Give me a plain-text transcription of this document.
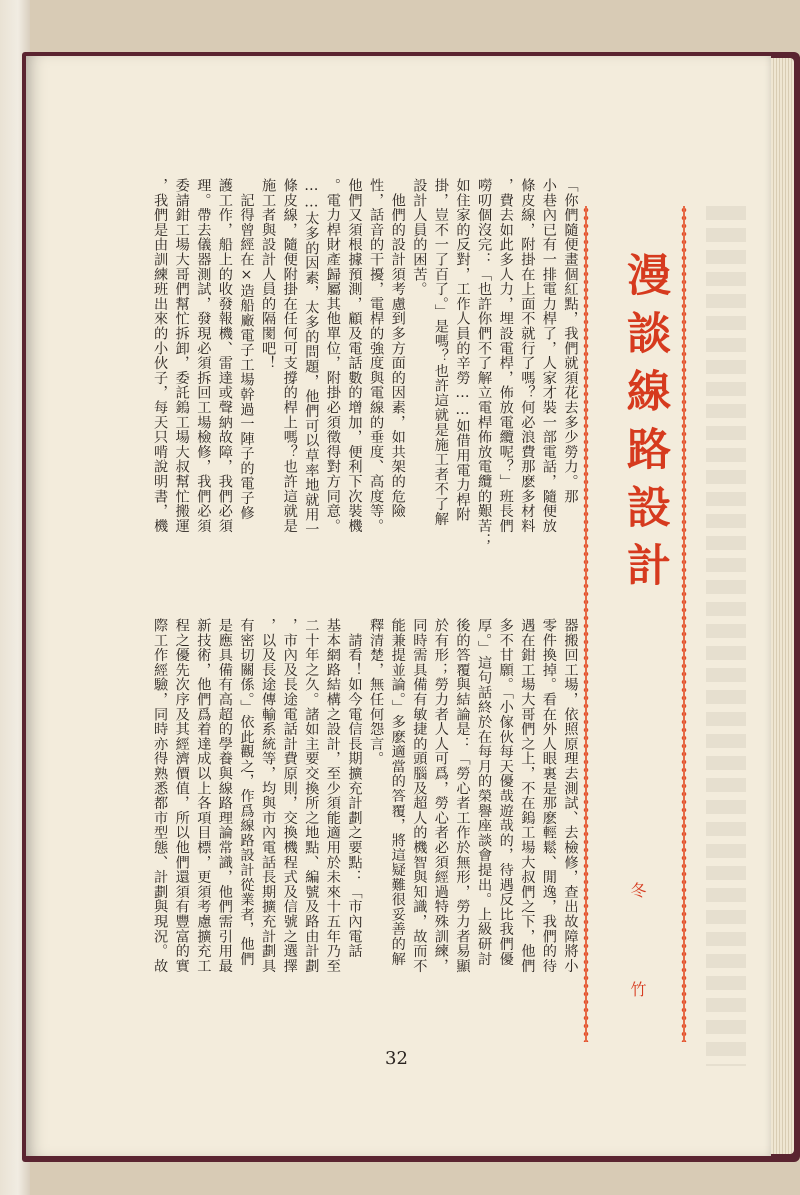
「你們隨便畫個紅點，我們就須花去多少勞力。那
小巷內已有一排電力桿了，人家才裝一部電話，隨便放
條皮線，附掛在上面不就行了嗎？何必浪費那麽多材料
，費去如此多人力，埋設電桿，佈放電纜呢？」班長們
嘮叨個沒完：「也許你們不了解立電桿佈放電纜的艱苦；
如住家的反對，工作人員的辛勞……如借用電力桿附
掛，豈不一了百了。」是嗎？也許這就是施工者不了解
設計人員的困苦。
　他們的設計須考慮到多方面的因素，如共架的危險
性，話音的干擾，電桿的強度與電線的垂度、高度等。
他們又須根據預測，顧及電話數的增加，便利下次裝機
。電力桿財產歸屬其他單位，附掛必須徵得對方同意。
……太多的因素，太多的問題，他們可以草率地就用一
條皮線，隨便附掛在任何可支撐的桿上嗎？也許這就是
施工者與設計人員的隔閡吧！
　記得曾經在×造船廠電子工場幹過一陣子的電子修
護工作，船上的收發報機、雷達或聲納故障，我們必須
理。帶去儀器測試，發現必須拆回工場檢修，我們必須
委請鉗工場大哥們幫忙拆卸，委託鎢工場大叔幫忙搬運
，我們是由訓練班出來的小伙子，每天只啃說明書，機
器搬回工場，依照原理去測試、去檢修，查出故障將小
零件換掉。看在外人眼裏是那麽輕鬆、閒逸，我們的待
遇在鉗工場大哥們之上，不在鎢工場大叔們之下，他們
多不甘願。「小傢伙每天優哉遊哉的，待遇反比我們優
厚。」這句話終於在每月的榮譽座談會提出。上級研討
後的答覆與結論是：「勞心者工作於無形，勞力者易顯
於有形；勞力者人人可爲，勞心者必須經過特殊訓練，
同時需具備有敏捷的頭腦及超人的機智與知識，故而不
能兼提並論。」多麽適當的答覆，將這疑難很妥善的解
釋清楚，無任何怨言。
　請看！如今電信長期擴充計劃之要點：「市內電話
基本網路結構之設計，至少須能適用於未來十五年乃至
二十年之久。諸如主要交換所之地點、編號及路由計劃
，市內及長途電話計費原則，交換機程式及信號之選擇
，以及長途傳輸系統等，均與市內電話長期擴充計劃具
有密切關係。」依此觀之，作爲線路設計從業者，他們
是應具備有高超的學養與線路理論常識，他們需引用最
新技術，他們爲着達成以上各項目標，更須考慮擴充工
程之優先次序及其經濟價值，所以他們還須有豐富的實
際工作經驗，同時亦得熟悉都市型態、計劃與現況。故
漫談線路設計
冬 竹
32
